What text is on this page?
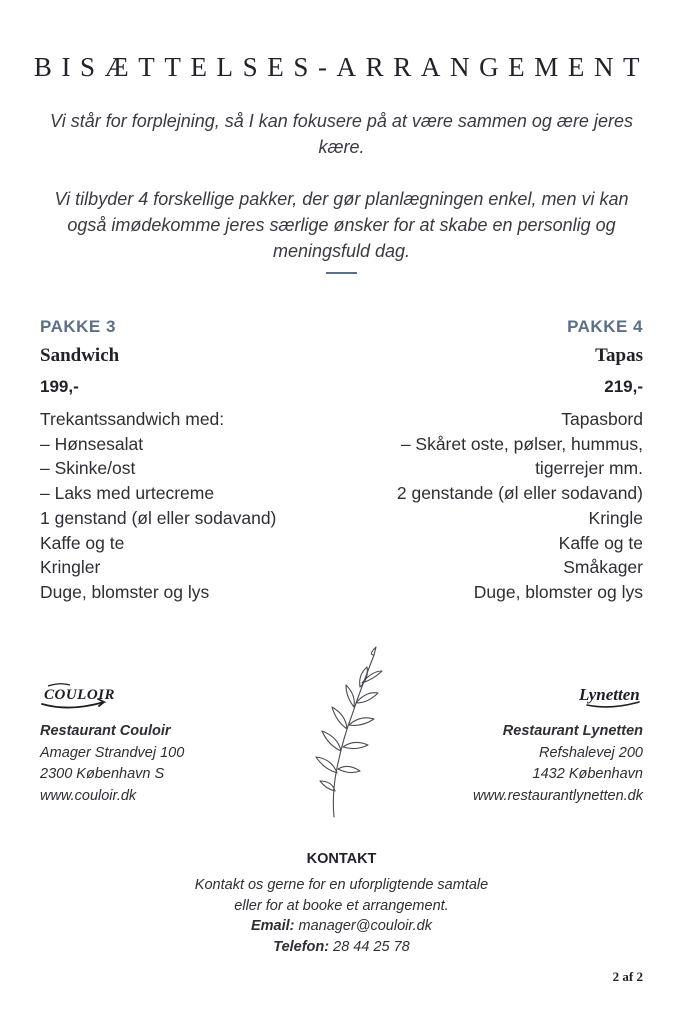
BISÆTTELSES-ARRANGEMENT

Vi står for forplejning, så I kan fokusere på at være sammen og ære jeres kære.

Vi tilbyder 4 forskellige pakker, der gør planlægningen enkel, men vi kan også imødekomme jeres særlige ønsker for at skabe en personlig og meningsfuld dag.

PAKKE 3
Sandwich
199,-
Trekantssandwich med:
– Hønsesalat
– Skinke/ost
– Laks med urtecreme
1 genstand (øl eller sodavand)
Kaffe og te
Kringler
Duge, blomster og lys
PAKKE 4
Tapas
219,-
Tapasbord
– Skåret oste, pølser, hummus,
tigerrejer mm.
2 genstande (øl eller sodavand)
Kringle
Kaffe og te
Småkager
Duge, blomster og lys
COULOIR	Lynetten
Restaurant Couloir
Amager Strandvej 100
2300 København S
www.couloir.dk
Restaurant Lynetten
Refshalevej 200
1432 København
www.restaurantlynetten.dk
KONTAKT
Kontakt os gerne for en uforpligtende samtale
eller for at booke et arrangement.
Email: manager@couloir.dk
Telefon: 28 44 25 78
2 af 2
